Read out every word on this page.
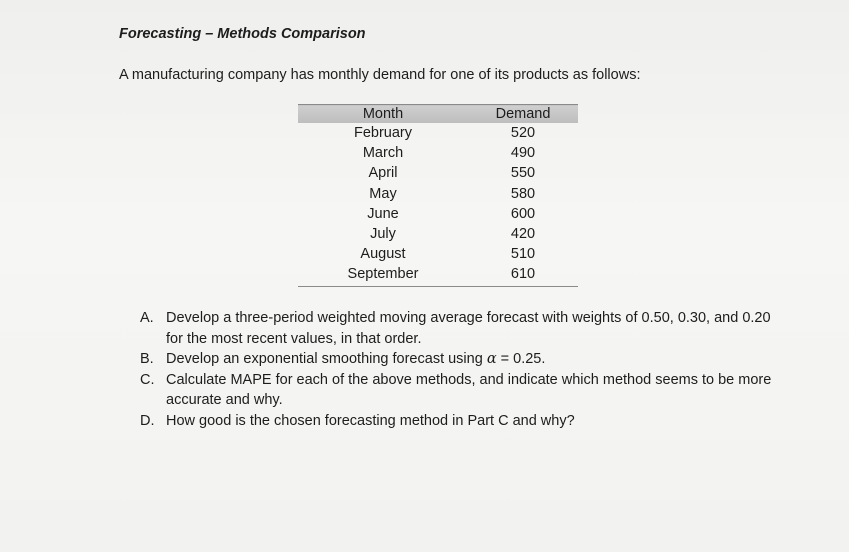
Forecasting – Methods Comparison

A manufacturing company has monthly demand for one of its products as follows:

Month	Demand
February	520
March	490
April	550
May	580
June	600
July	420
August	510
September	610
A. Develop a three-period weighted moving average forecast with weights of 0.50, 0.30, and 0.20 for the most recent values, in that order.
B. Develop an exponential smoothing forecast using α = 0.25.
C. Calculate MAPE for each of the above methods, and indicate which method seems to be more accurate and why.
D. How good is the chosen forecasting method in Part C and why?
